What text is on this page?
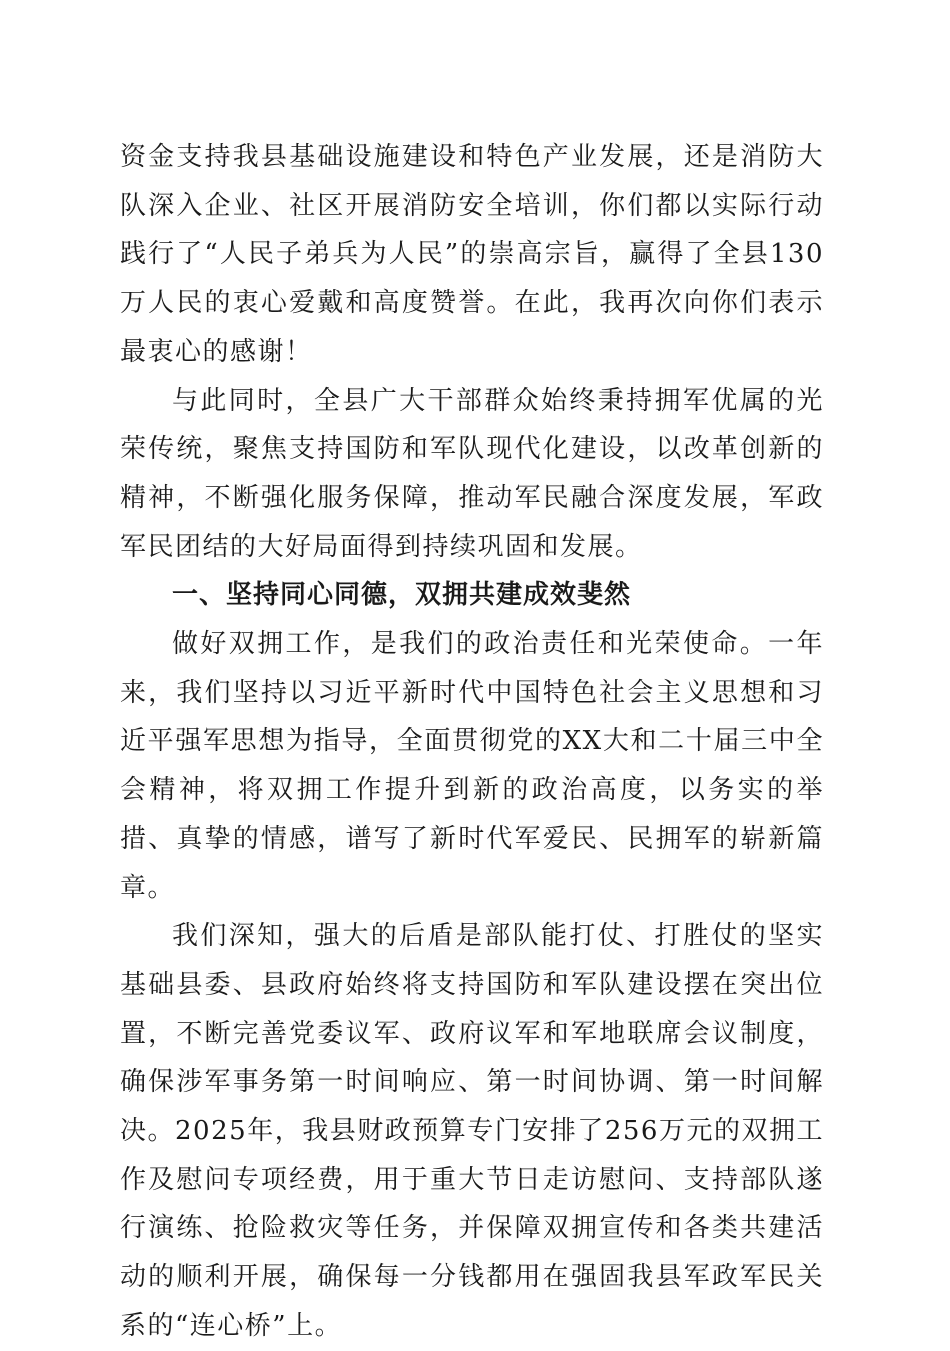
资金支持我县基础设施建设和特色产业发展，还是消防大队深入企业、社区开展消防安全培训，你们都以实际行动践行了“人民子弟兵为人民”的崇高宗旨，赢得了全县130万人民的衷心爱戴和高度赞誉。在此，我再次向你们表示最衷心的感谢！

与此同时，全县广大干部群众始终秉持拥军优属的光荣传统，聚焦支持国防和军队现代化建设，以改革创新的精神，不断强化服务保障，推动军民融合深度发展，军政军民团结的大好局面得到持续巩固和发展。

一、坚持同心同德，双拥共建成效斐然

做好双拥工作，是我们的政治责任和光荣使命。一年来，我们坚持以习近平新时代中国特色社会主义思想和习近平强军思想为指导，全面贯彻党的XX大和二十届三中全会精神，将双拥工作提升到新的政治高度，以务实的举措、真挚的情感，谱写了新时代军爱民、民拥军的崭新篇章。

我们深知，强大的后盾是部队能打仗、打胜仗的坚实基础县委、县政府始终将支持国防和军队建设摆在突出位置，不断完善党委议军、政府议军和军地联席会议制度，确保涉军事务第一时间响应、第一时间协调、第一时间解决。2025年，我县财政预算专门安排了256万元的双拥工作及慰问专项经费，用于重大节日走访慰问、支持部队遂行演练、抢险救灾等任务，并保障双拥宣传和各类共建活动的顺利开展，确保每一分钱都用在强固我县军政军民关系的“连心桥”上。
